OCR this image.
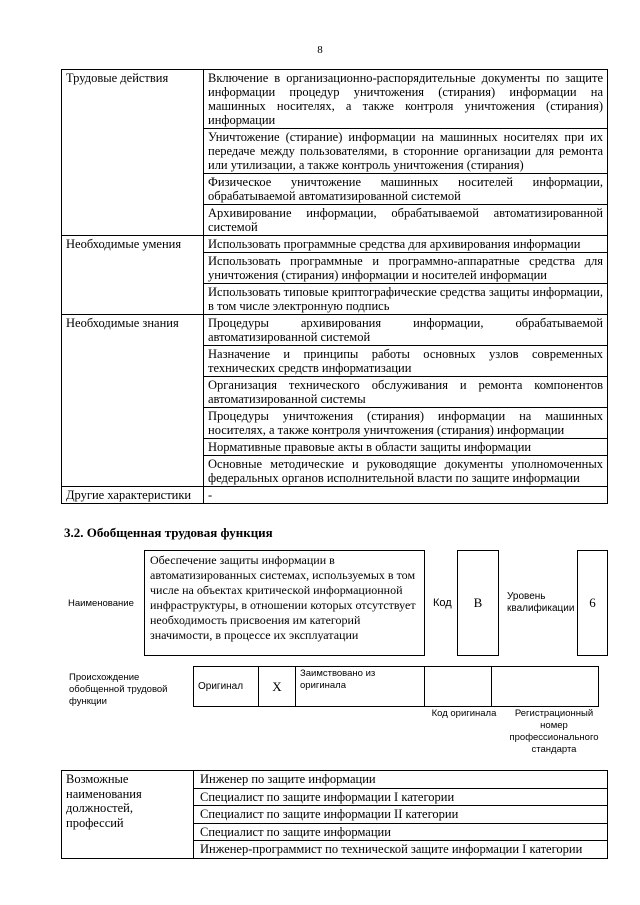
8
Трудовые действия	Включение в организационно-распорядительные документы по защите информации процедур уничтожения (стирания) информации на машинных носителях, а также контроля уничтожения (стирания) информации
	Уничтожение (стирание) информации на машинных носителях при их передаче между пользователями, в сторонние организации для ремонта или утилизации, а также контроль уничтожения (стирания)
	Физическое уничтожение машинных носителей информации, обрабатываемой автоматизированной системой
	Архивирование информации, обрабатываемой автоматизированной системой
Необходимые умения	Использовать программные средства для архивирования информации
	Использовать программные и программно-аппаратные средства для уничтожения (стирания) информации и носителей информации
	Использовать типовые криптографические средства защиты информации, в том числе электронную подпись
Необходимые знания	Процедуры архивирования информации, обрабатываемой автоматизированной системой
	Назначение и принципы работы основных узлов современных технических средств информатизации
	Организация технического обслуживания и ремонта компонентов автоматизированной системы
	Процедуры уничтожения (стирания) информации на машинных носителях, а также контроля уничтожения (стирания) информации
	Нормативные правовые акты в области защиты информации
	Основные методические и руководящие документы уполномоченных федеральных органов исполнительной власти по защите информации
Другие характеристики	-
3.2. Обобщенная трудовая функция
Наименование
Обеспечение защиты информации в автоматизированных системах, используемых в том числе на объектах критической информационной инфраструктуры, в отношении которых отсутствует необходимость присвоения им категорий значимости, в процессе их эксплуатации
Код	B	Уровень квалификации	6
Происхождение обобщенной трудовой функции
Оригинал	X	Заимствовано из оригинала		
Код оригинала	Регистрационный номер профессионального стандарта
Возможные наименования должностей, профессий	
Инженер по защите информации
Специалист по защите информации I категории
Специалист по защите информации II категории
Специалист по защите информации
Инженер-программист по технической защите информации I категории
